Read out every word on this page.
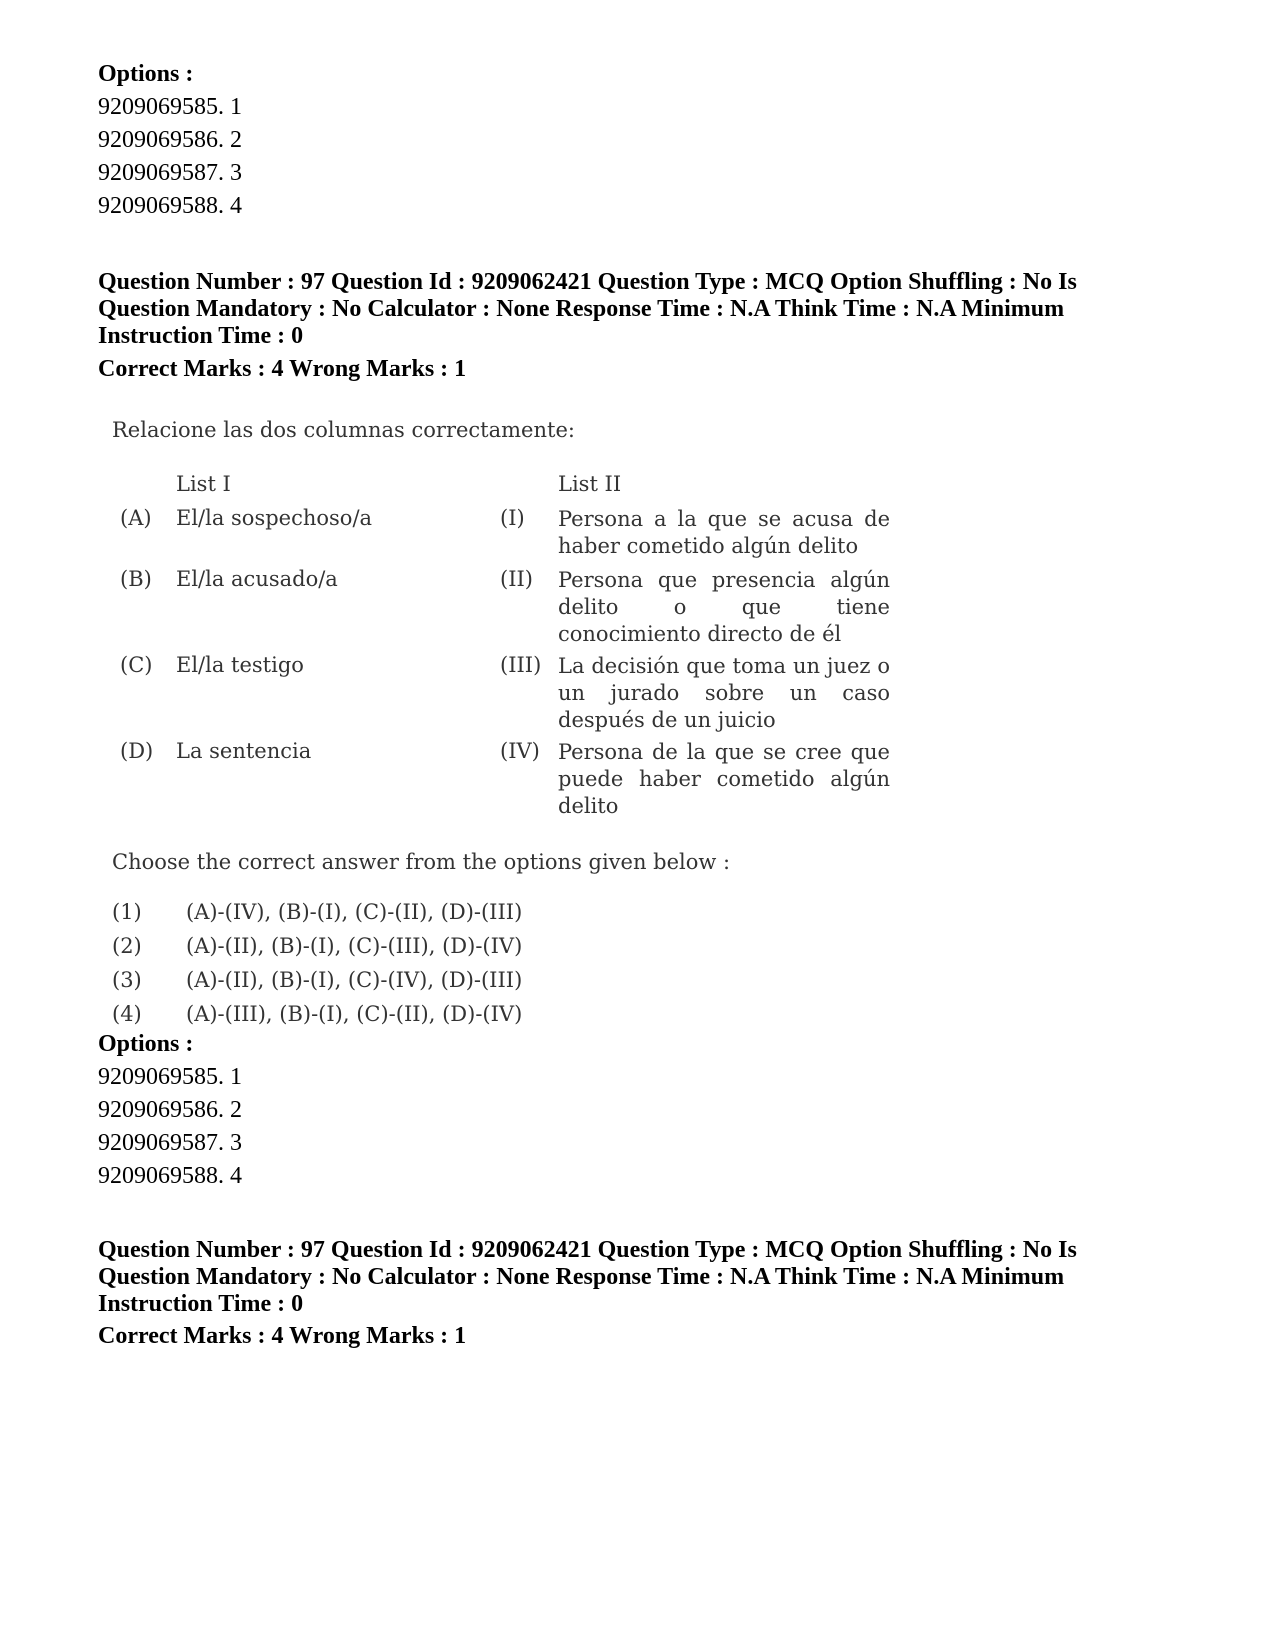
Options :
9209069585. 1
9209069586. 2
9209069587. 3
9209069588. 4
Question Number : 97 Question Id : 9209062421 Question Type : MCQ Option Shuffling : No Is
Question Mandatory : No Calculator : None Response Time : N.A Think Time : N.A Minimum
Instruction Time : 0
Correct Marks : 4 Wrong Marks : 1
Relacione las dos columnas correctamente:
List I	List II
(A) El/la sospechoso/a
(B) El/la acusado/a
(C) El/la testigo
(D) La sentencia
(I) Persona a la que se acusa de haber cometido algún delito
(II) Persona que presencia algún delito o que tiene conocimiento directo de él
(III) La decisión que toma un juez o un jurado sobre un caso después de un juicio
(IV) Persona de la que se cree que puede haber cometido algún delito
Choose the correct answer from the options given below :
(1) (A)-(IV), (B)-(I), (C)-(II), (D)-(III)
(2) (A)-(II), (B)-(I), (C)-(III), (D)-(IV)
(3) (A)-(II), (B)-(I), (C)-(IV), (D)-(III)
(4) (A)-(III), (B)-(I), (C)-(II), (D)-(IV)
Options :
9209069585. 1
9209069586. 2
9209069587. 3
9209069588. 4
Question Number : 97 Question Id : 9209062421 Question Type : MCQ Option Shuffling : No Is
Question Mandatory : No Calculator : None Response Time : N.A Think Time : N.A Minimum
Instruction Time : 0
Correct Marks : 4 Wrong Marks : 1
